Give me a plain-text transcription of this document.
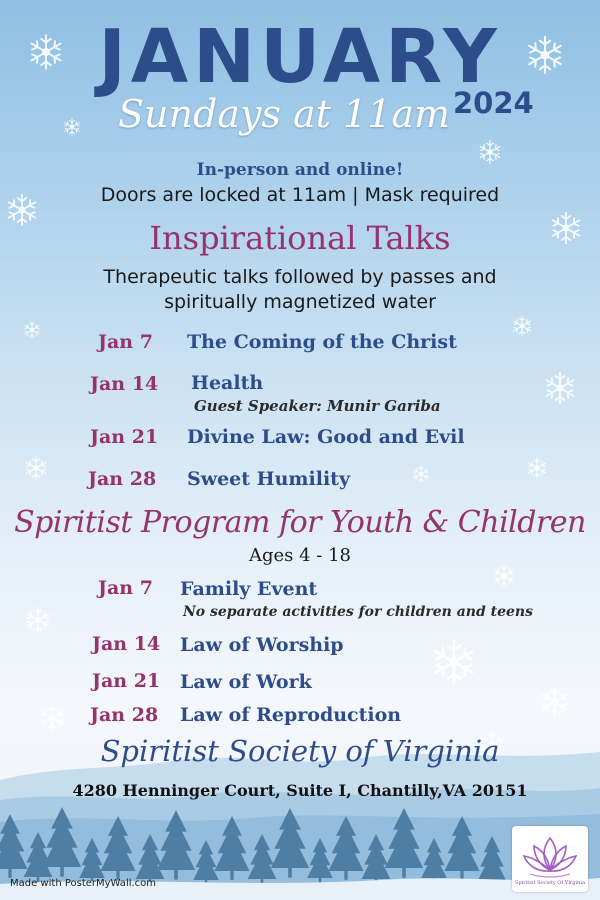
JANUARY
Sundays at 11am 2024
In-person and online!
Doors are locked at 11am | Mask required
Inspirational Talks
Therapeutic talks followed by passes and spiritually magnetized water
Jan 7 The Coming of the Christ
Jan 14 Health
Guest Speaker: Munir Gariba
Jan 21 Divine Law: Good and Evil
Jan 28 Sweet Humility
Spiritist Program for Youth & Children
Ages 4 - 18
Jan 7 Family Event
No separate activities for children and teens
Jan 14 Law of Worship
Jan 21 Law of Work
Jan 28 Law of Reproduction
Spiritist Society of Virginia
4280 Henninger Court, Suite I, Chantilly,VA 20151
Made with PosterMyWall.com	Spiritist Society Of Virginia
